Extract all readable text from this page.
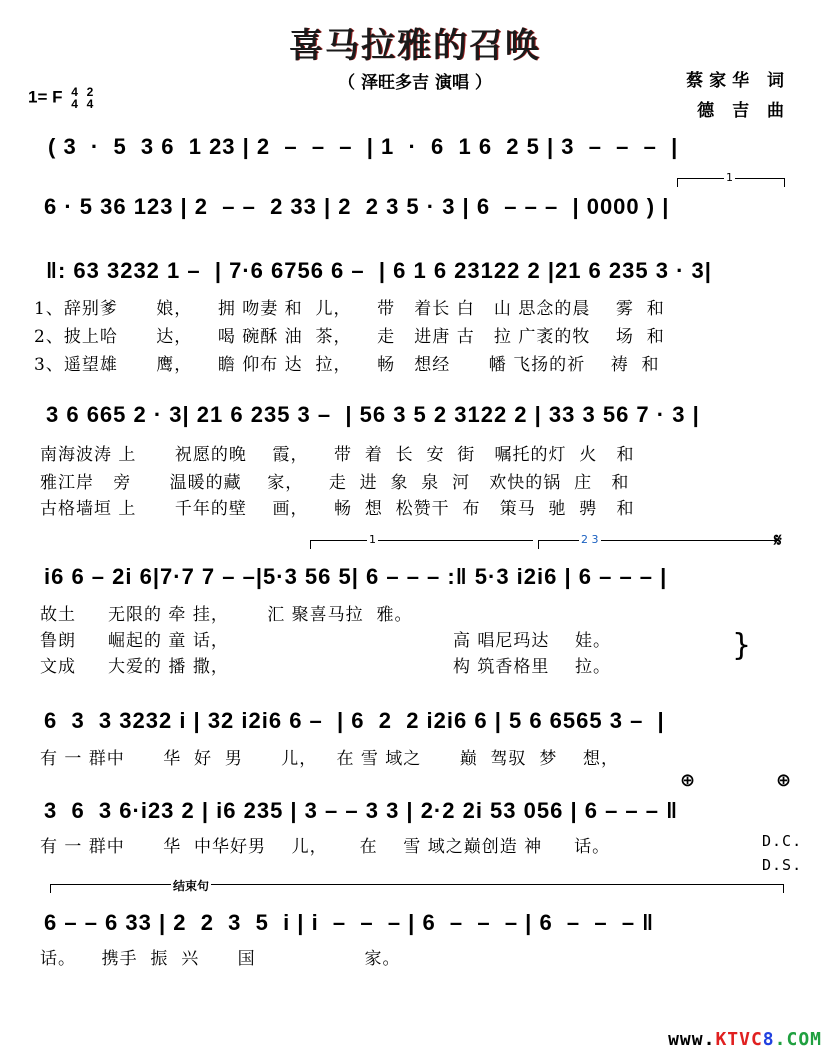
喜马拉雅的召唤
（ 泽旺多吉 演唱 ）	蔡家华 词
德 吉 曲
1= F 4
4 2
4
( 3  ·  5  3 6  1 23 | 2  –  –  –  | 1  ·  6  1 6  2 5 | 3  –  –  –  |
1
6 · 5 36 123 | 2  – –  2 33 | 2  2 3 5 · 3 | 6  – – –  | 0000 ) |
‖: 63 3232 1 –  | 7·6 6756 6 –  | 6 1 6 23122 2 |21 6 235 3 · 3|
1、辞别爹      娘，    拥 吻妻 和  儿，    带   着长 白   山 思念的晨    雾  和
2、披上哈      达，    喝 碗酥 油  茶，    走   进唐 古   拉 广袤的牧    场  和
3、遥望雄      鹰，    瞻 仰布 达  拉，    畅   想经      幡 飞扬的祈    祷  和
3 6 665 2 · 3| 21 6 235 3 –  | 56 3 5 2 3122 2 | 33 3 56 7 · 3 |
南海波涛 上      祝愿的晚    霞，    带  着  长  安  街   嘱托的灯  火   和
雅江岸   旁      温暖的藏    家，    走  进  象  泉  河   欢快的锅  庄   和
古格墙垣 上      千年的壁    画，    畅  想  松赞干  布   策马  驰  骋   和
1	2 3	𝄋
i6 6 – 2i 6|7·7 7 – –|5·3 56 5| 6 – – – :‖ 5·3 i2i6 | 6 – – – |
故土     无限的 牵 挂，      汇 聚喜马拉  雅。
鲁朗     崛起的 童 话，                                   高 唱尼玛达    娃。
文成     大爱的 播 撒，                                   构 筑香格里    拉。
}
6  3  3 3232 i | 32 i2i6 6 –  | 6  2  2 i2i6 6 | 5 6 6565 3 –  |
有 一 群中      华  好  男      儿，   在 雪 域之      巅  驾驭  梦    想，
⊕	⊕
3  6  3 6·i23 2 | i6 235 | 3 – – 3 3 | 2·2 2i 53 056 | 6 – – – ‖
有 一 群中      华  中华好男    儿，     在    雪 域之巅创造 神     话。	D.C.
D.S.
结束句
6 – – 6 33 | 2  2  3  5  i | i  –  –  – | 6  –  –  – | 6  –  –  – ‖
话。    携手  振  兴      国                 家。
www.KTVC8.COM
